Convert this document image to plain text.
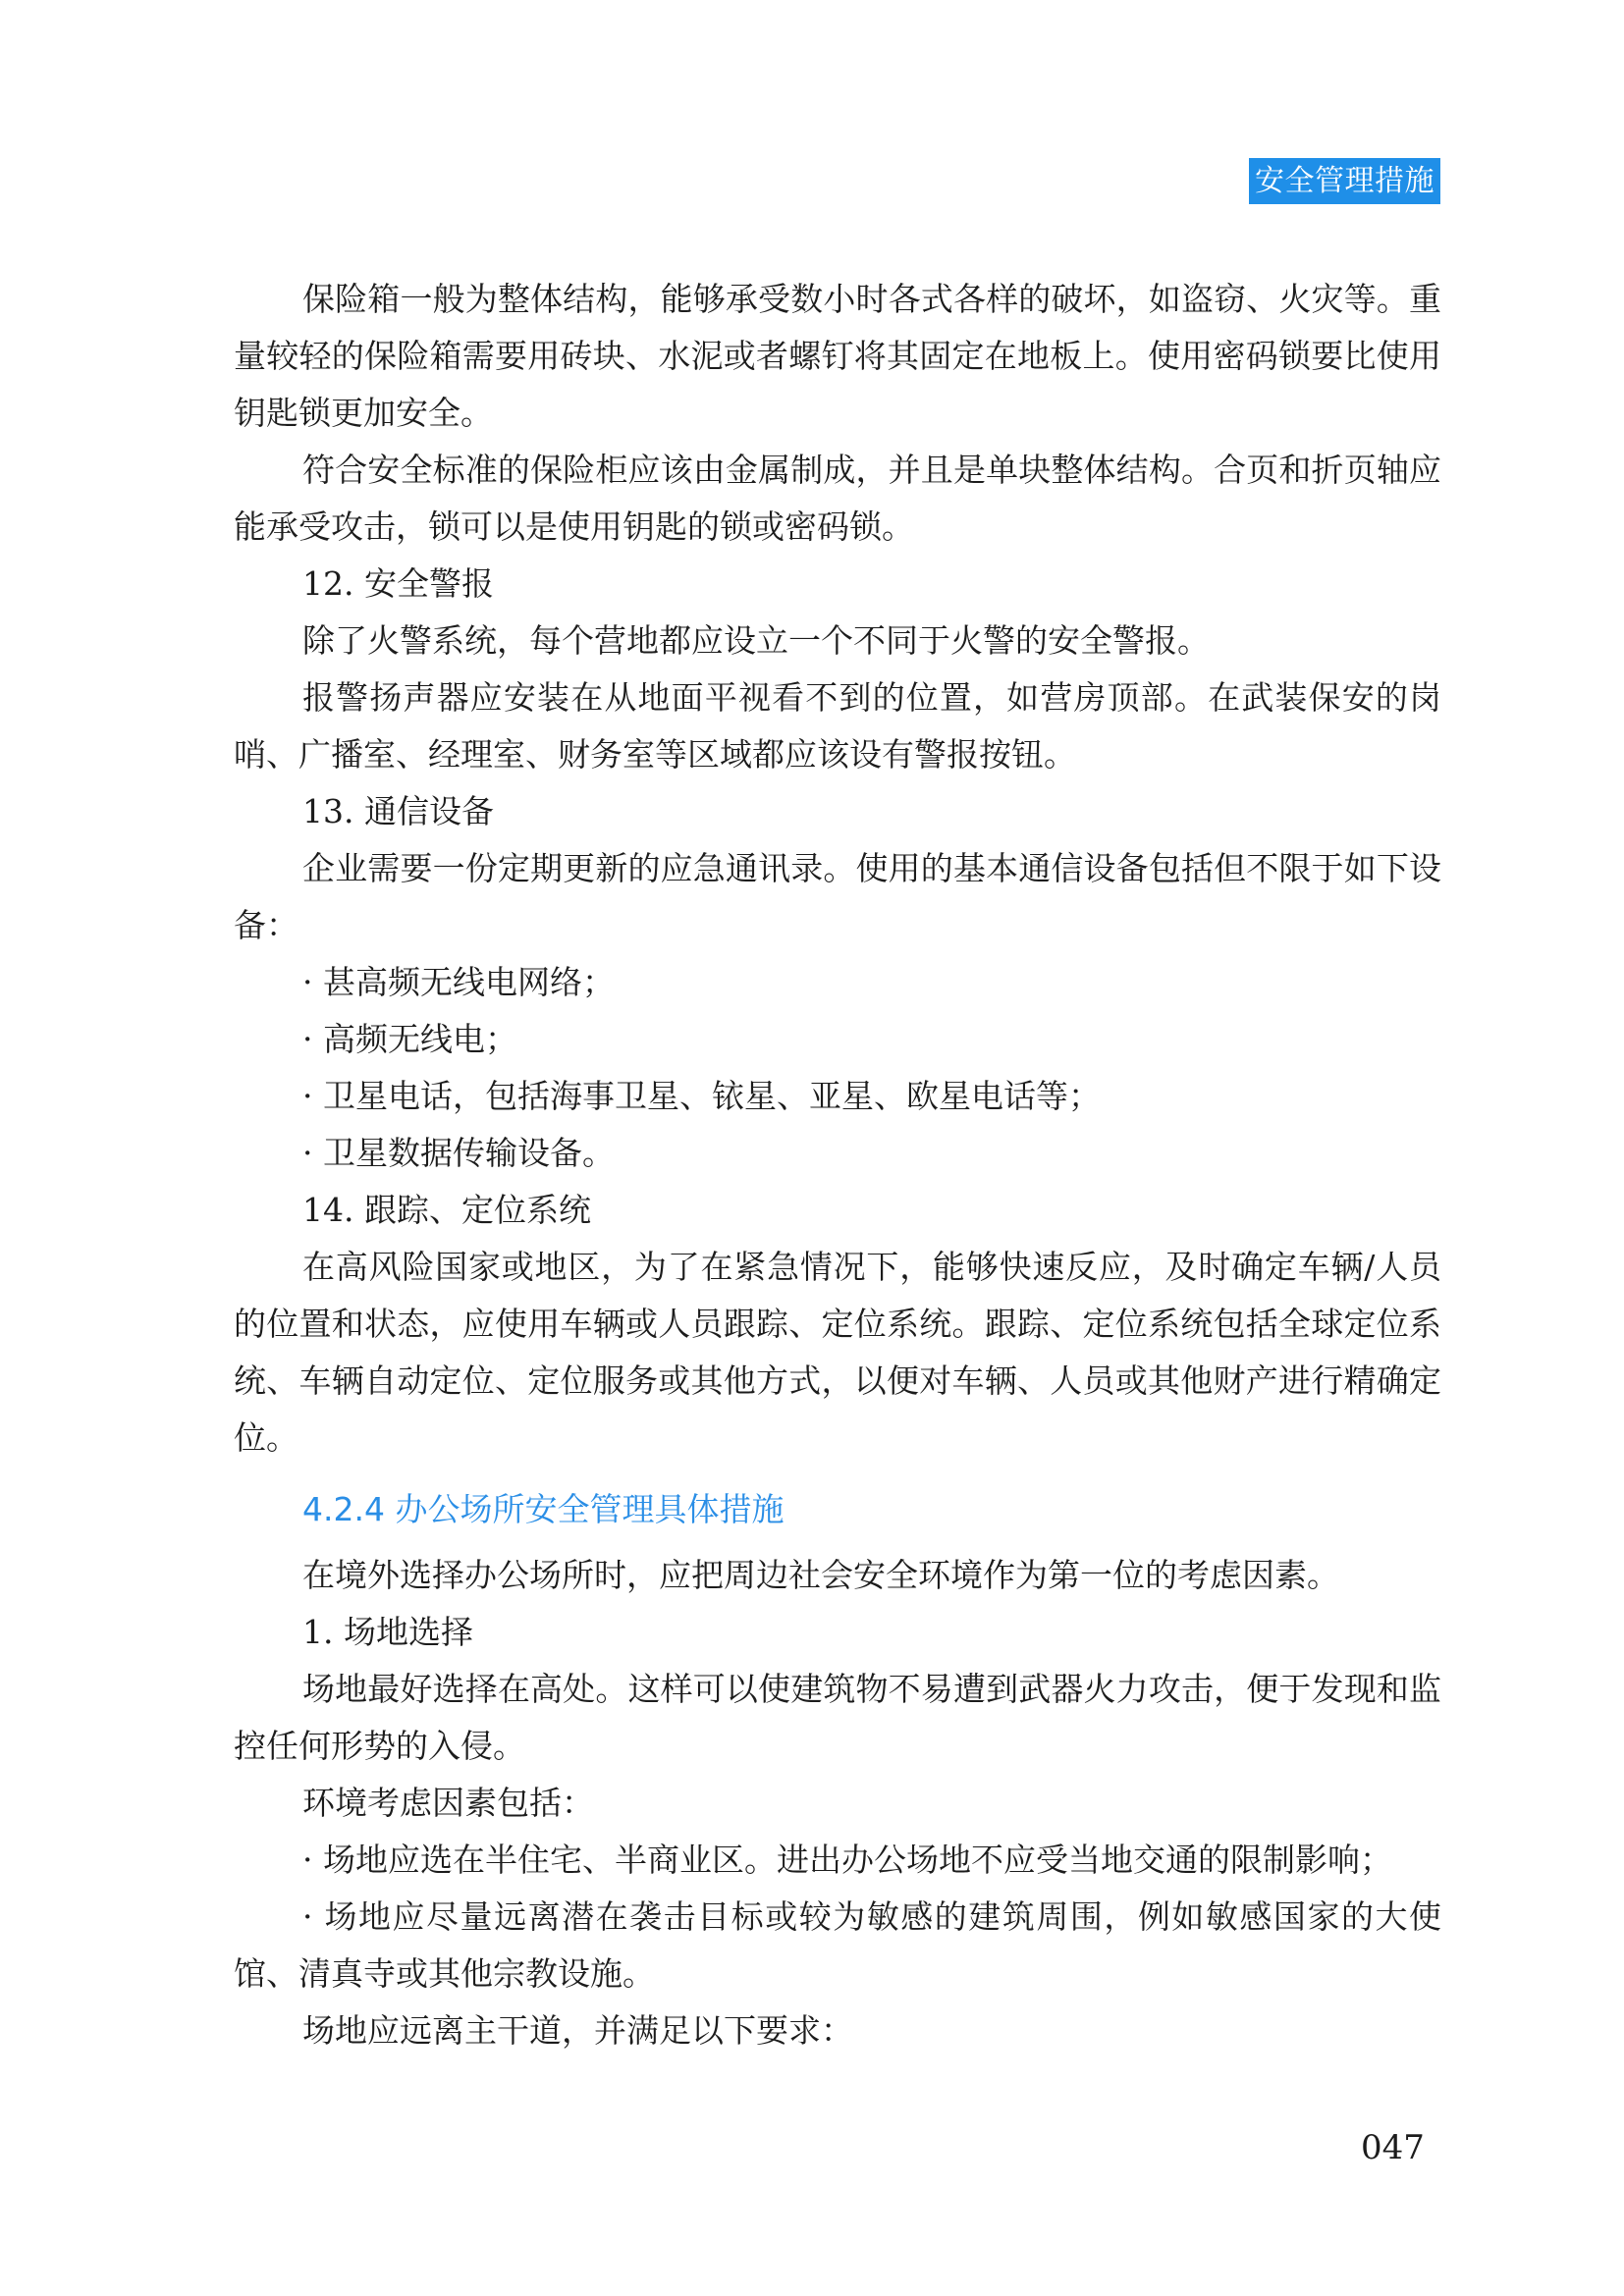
安全管理措施

保险箱一般为整体结构，能够承受数小时各式各样的破坏，如盗窃、火灾等。重量较轻的保险箱需要用砖块、水泥或者螺钉将其固定在地板上。使用密码锁要比使用钥匙锁更加安全。

符合安全标准的保险柜应该由金属制成，并且是单块整体结构。合页和折页轴应能承受攻击，锁可以是使用钥匙的锁或密码锁。

12. 安全警报

除了火警系统，每个营地都应设立一个不同于火警的安全警报。

报警扬声器应安装在从地面平视看不到的位置，如营房顶部。在武装保安的岗哨、广播室、经理室、财务室等区域都应该设有警报按钮。

13. 通信设备

企业需要一份定期更新的应急通讯录。使用的基本通信设备包括但不限于如下设备：

· 甚高频无线电网络；

· 高频无线电；

· 卫星电话，包括海事卫星、铱星、亚星、欧星电话等；

· 卫星数据传输设备。

14. 跟踪、定位系统

在高风险国家或地区，为了在紧急情况下，能够快速反应，及时确定车辆/人员的位置和状态，应使用车辆或人员跟踪、定位系统。跟踪、定位系统包括全球定位系统、车辆自动定位、定位服务或其他方式，以便对车辆、人员或其他财产进行精确定位。

4.2.4 办公场所安全管理具体措施

在境外选择办公场所时，应把周边社会安全环境作为第一位的考虑因素。

1. 场地选择

场地最好选择在高处。这样可以使建筑物不易遭到武器火力攻击，便于发现和监控任何形势的入侵。

环境考虑因素包括：

· 场地应选在半住宅、半商业区。进出办公场地不应受当地交通的限制影响；

· 场地应尽量远离潜在袭击目标或较为敏感的建筑周围，例如敏感国家的大使馆、清真寺或其他宗教设施。

场地应远离主干道，并满足以下要求：

047
